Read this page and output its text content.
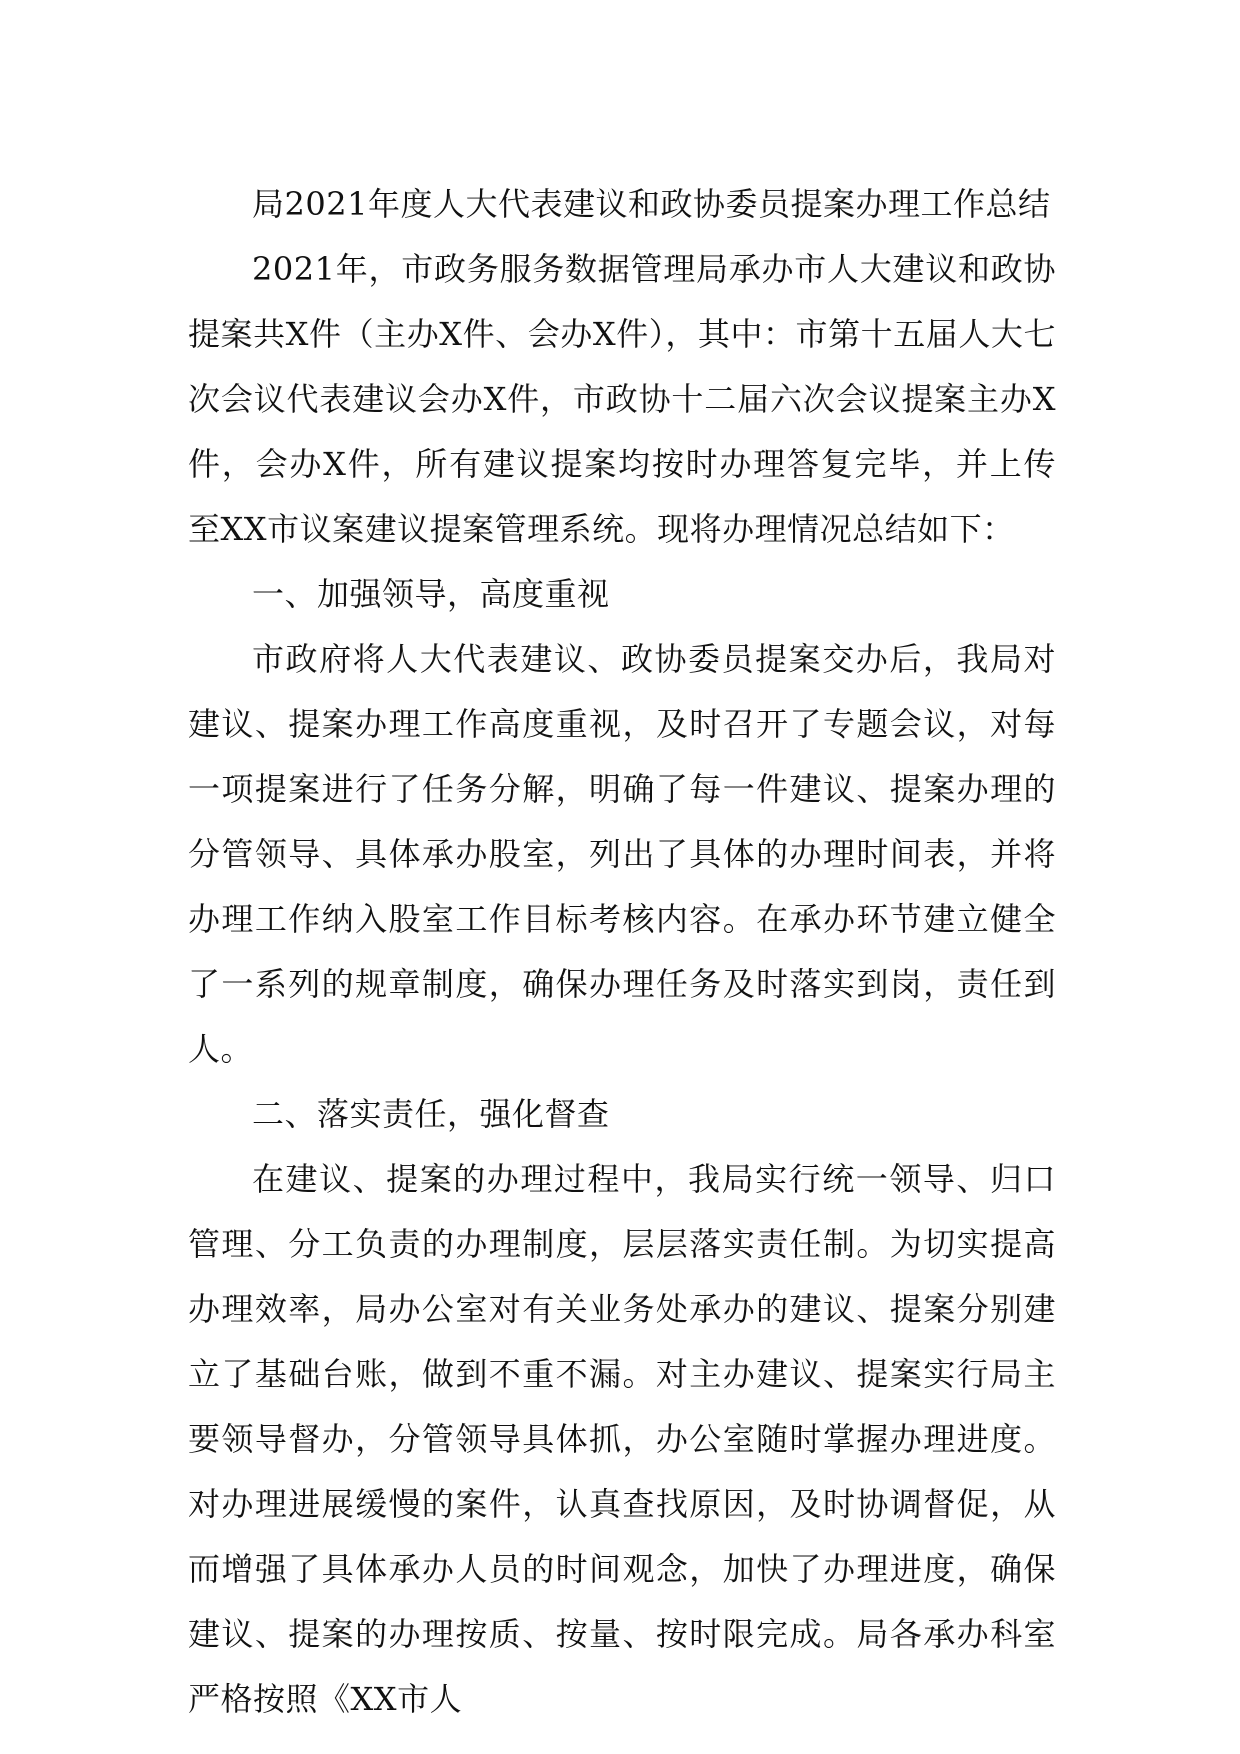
局2021年度人大代表建议和政协委员提案办理工作总结

2021年，市政务服务数据管理局承办市人大建议和政协提案共X件（主办X件、会办X件），其中：市第十五届人大七次会议代表建议会办X件，市政协十二届六次会议提案主办X件，会办X件，所有建议提案均按时办理答复完毕，并上传至XX市议案建议提案管理系统。现将办理情况总结如下：

一、加强领导，高度重视

市政府将人大代表建议、政协委员提案交办后，我局对建议、提案办理工作高度重视，及时召开了专题会议，对每一项提案进行了任务分解，明确了每一件建议、提案办理的分管领导、具体承办股室，列出了具体的办理时间表，并将办理工作纳入股室工作目标考核内容。在承办环节建立健全了一系列的规章制度，确保办理任务及时落实到岗，责任到人。

二、落实责任，强化督查

在建议、提案的办理过程中，我局实行统一领导、归口管理、分工负责的办理制度，层层落实责任制。为切实提高办理效率，局办公室对有关业务处承办的建议、提案分别建立了基础台账，做到不重不漏。对主办建议、提案实行局主要领导督办，分管领导具体抓，办公室随时掌握办理进度。对办理进展缓慢的案件，认真查找原因，及时协调督促，从而增强了具体承办人员的时间观念，加快了办理进度，确保建议、提案的办理按质、按量、按时限完成。局各承办科室严格按照《XX市人
